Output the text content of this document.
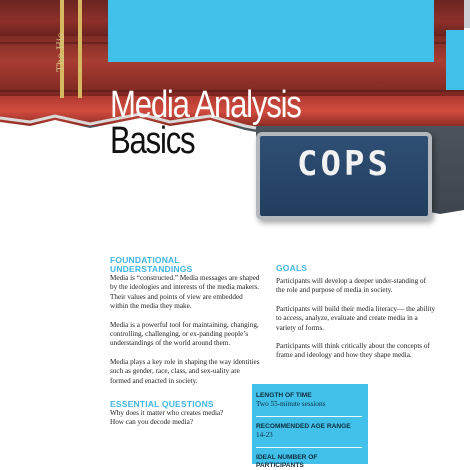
The His
COPS
Media Analysis
Basics
FOUNDATIONAL
UNDERSTANDINGS

Media is “constructed.” Media messages are shaped by the ideologies and interests of the media makers. Their values and points of view are embedded within the media they make.

Media is a powerful tool for maintaining, changing, controlling, challenging, or ex-panding people’s understandings of the world around them.

Media plays a key role in shaping the way identities such as gender, race, class, and sex-uality are formed and enacted in society.

ESSENTIAL QUESTIONS

Why does it matter who creates media?

How can you decode media?

GOALS

Participants will develop a deeper under-standing of the role and purpose of media in society.

Participants will build their media literacy— the ability to access, analyze, evaluate and create media in a variety of forms.

Participants will think critically about the concepts of frame and ideology and how they shape media.

LENGTH OF TIME
Two 55-minute sessions
RECOMMENDED AGE RANGE
14-23
IDEAL NUMBER OF PARTICIPANTS
